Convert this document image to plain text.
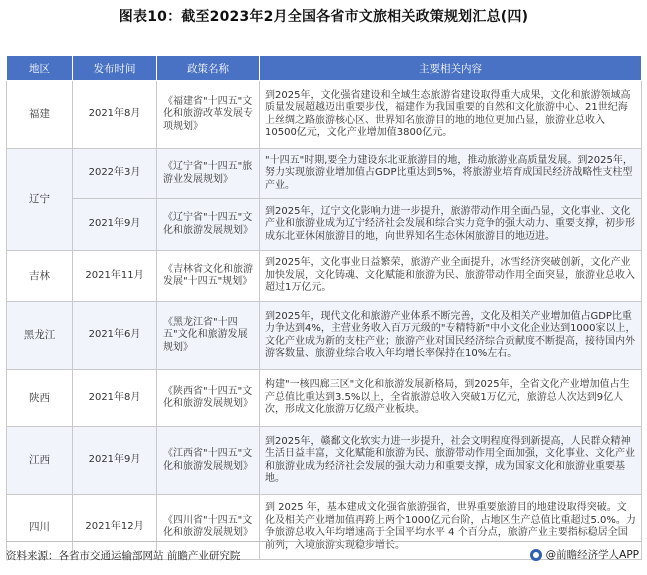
图表10：截至2023年2月全国各省市文旅相关政策规划汇总(四)
地区	发布时间	政策名称	主要相关内容
福建	2021年8月	《福建省"十四五"文化和旅游改革发展专项规划》	到2025年，文化强省建设和全域生态旅游省建设取得重大成果，文化和旅游领域高质量发展超越迈出重要步伐，福建作为我国重要的自然和文化旅游中心、21世纪海上丝绸之路旅游核心区、世界知名旅游目的地的地位更加凸显，旅游业总收入10500亿元，文化产业增加值3800亿元。
辽宁	2022年3月	《辽宁省"十四五"旅游业发展规划》	"十四五"时期,要全力建设东北亚旅游目的地，推动旅游业高质量发展。到2025年，努力实现旅游业增加值占GDP比重达到5%，将旅游业培育成国民经济战略性支柱型产业。
	2021年9月	《辽宁省"十四五"文化和旅游发展规划》	到2025年，辽宁文化影响力进一步提升，旅游带动作用全面凸显，文化事业、文化产业和旅游业成为辽宁经济社会发展和综合实力竞争的强大动力、重要支撑，初步形成东北亚休闲旅游目的地，向世界知名生态休闲旅游目的地迈进。
吉林	2021年11月	《吉林省文化和旅游发展"十四五"规划》	到2025年，文化事业日益繁荣，旅游产业全面提升，冰雪经济突破创新，文化产业加快发展，文化铸魂、文化赋能和旅游为民、旅游带动作用全面突显，旅游业总收入超过1万亿元。
黑龙江	2021年6月	《黑龙江省"十四五"文化和旅游发展规划》	到2025年，现代文化和旅游产业体系不断完善，文化及相关产业增加值占GDP比重力争达到4%，主营业务收入百万元级的"专精特新"中小文化企业达到1000家以上，文化产业成为新的支柱产业；旅游产业对国民经济综合贡献度不断提高，接待国内外游客数量、旅游业综合收入年均增长率保持在10%左右。
陕西	2021年8月	《陕西省"十四五"文化和旅游发展规划》	构建"一核四廊三区"文化和旅游发展新格局，到2025年，全省文化产业增加值占生产总值比重达到3.5%以上，全省旅游总收入突破1万亿元，旅游总人次达到9亿人次，形成文化旅游万亿级产业板块。
江西	2021年9月	《江西省"十四五"文化和旅游发展规划》	到2025年，赣鄱文化软实力进一步提升，社会文明程度得到新提高，人民群众精神生活日益丰富，文化赋能和旅游为民、旅游带动作用全面加强，文化事业、文化产业和旅游业成为经济社会发展的强大动力和重要支撑，成为国家文化和旅游业重要基地。
四川	2021年12月	《四川省"十四五"文化和旅游发展规划》	到 2025 年，基本建成文化强省旅游强省，世界重要旅游目的地建设取得突破。文化及相关产业增加值再跨上两个1000亿元台阶，占地区生产总值比重超过5.0%。力争旅游总收入年均增速高于全国平均水平 4 个百分点，旅游产业主要指标稳居全国前列，入境旅游实现稳步增长。
资料来源：各省市交通运输部网站 前瞻产业研究院	@前瞻经济学人APP
